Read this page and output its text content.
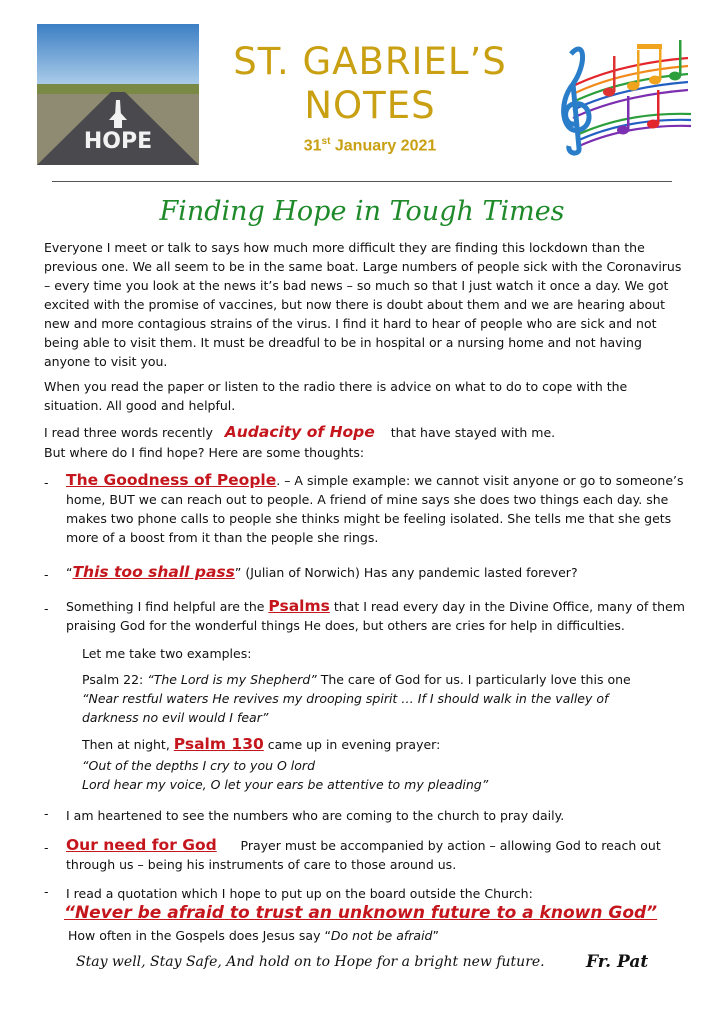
HOPE
ST. GABRIEL’S
NOTES
31st January 2021
Finding Hope in Tough Times
Everyone I meet or talk to says how much more difficult they are finding this lockdown than the previous one. We all seem to be in the same boat. Large numbers of people sick with the Coronavirus – every time you look at the news it’s bad news – so much so that I just watch it once a day. We got excited with the promise of vaccines, but now there is doubt about them and we are hearing about new and more contagious strains of the virus. I find it hard to hear of people who are sick and not being able to visit them. It must be dreadful to be in hospital or a nursing home and not having anyone to visit you.
When you read the paper or listen to the radio there is advice on what to do to cope with the situation. All good and helpful.
I read three words recently   Audacity of Hope that have stayed with me.
But where do I find hope? Here are some thoughts:
- The Goodness of People. – A simple example: we cannot visit anyone or go to someone’s home, BUT we can reach out to people. A friend of mine says she does two things each day. she makes two phone calls to people she thinks might be feeling isolated. She tells me that she gets more of a boost from it than the people she rings.
- “This too shall pass” (Julian of Norwich) Has any pandemic lasted forever?
- Something I find helpful are the Psalms that I read every day in the Divine Office, many of them praising God for the wonderful things He does, but others are cries for help in difficulties.
Let me take two examples:
Psalm 22: “The Lord is my Shepherd” The care of God for us. I particularly love this one
“Near restful waters He revives my drooping spirit … If I should walk in the valley of
darkness no evil would I fear”
Then at night, Psalm 130 came up in evening prayer:
“Out of the depths I cry to you O lord
Lord hear my voice, O let your ears be attentive to my pleading”
- I am heartened to see the numbers who are coming to the church to pray daily.
- Our need for God Prayer must be accompanied by action – allowing God to reach out through us – being his instruments of care to those around us.
- I read a quotation which I hope to put up on the board outside the Church:
“Never be afraid to trust an unknown future to a known God”
How often in the Gospels does Jesus say “Do not be afraid”
Stay well, Stay Safe, And hold on to Hope for a bright new future. Fr. Pat
